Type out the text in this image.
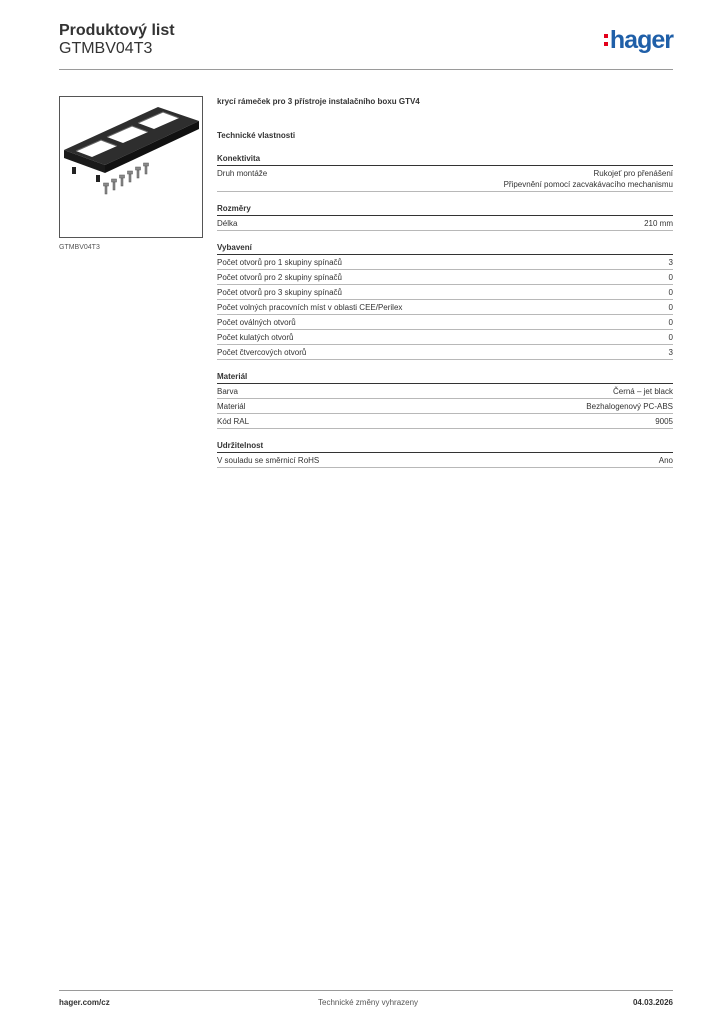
Produktový list
GTMBV04T3	hager
GTMBV04T3
krycí rámeček pro 3 přístroje instalačního boxu GTV4
Technické vlastnosti
Konektivita
Druh montáže	Rukojeť pro přenášení
Připevnění pomocí zacvakávacího mechanismu
Rozměry
Délka	210 mm
Vybavení
Počet otvorů pro 1 skupiny spínačů	3
Počet otvorů pro 2 skupiny spínačů	0
Počet otvorů pro 3 skupiny spínačů	0
Počet volných pracovních míst v oblasti CEE/Perilex	0
Počet oválných otvorů	0
Počet kulatých otvorů	0
Počet čtvercových otvorů	3
Materiál
Barva	Černá – jet black
Materiál	Bezhalogenový PC-ABS
Kód RAL	9005
Udržitelnost
V souladu se směrnicí RoHS	Ano
hager.com/cz	Technické změny vyhrazeny	04.03.2026
